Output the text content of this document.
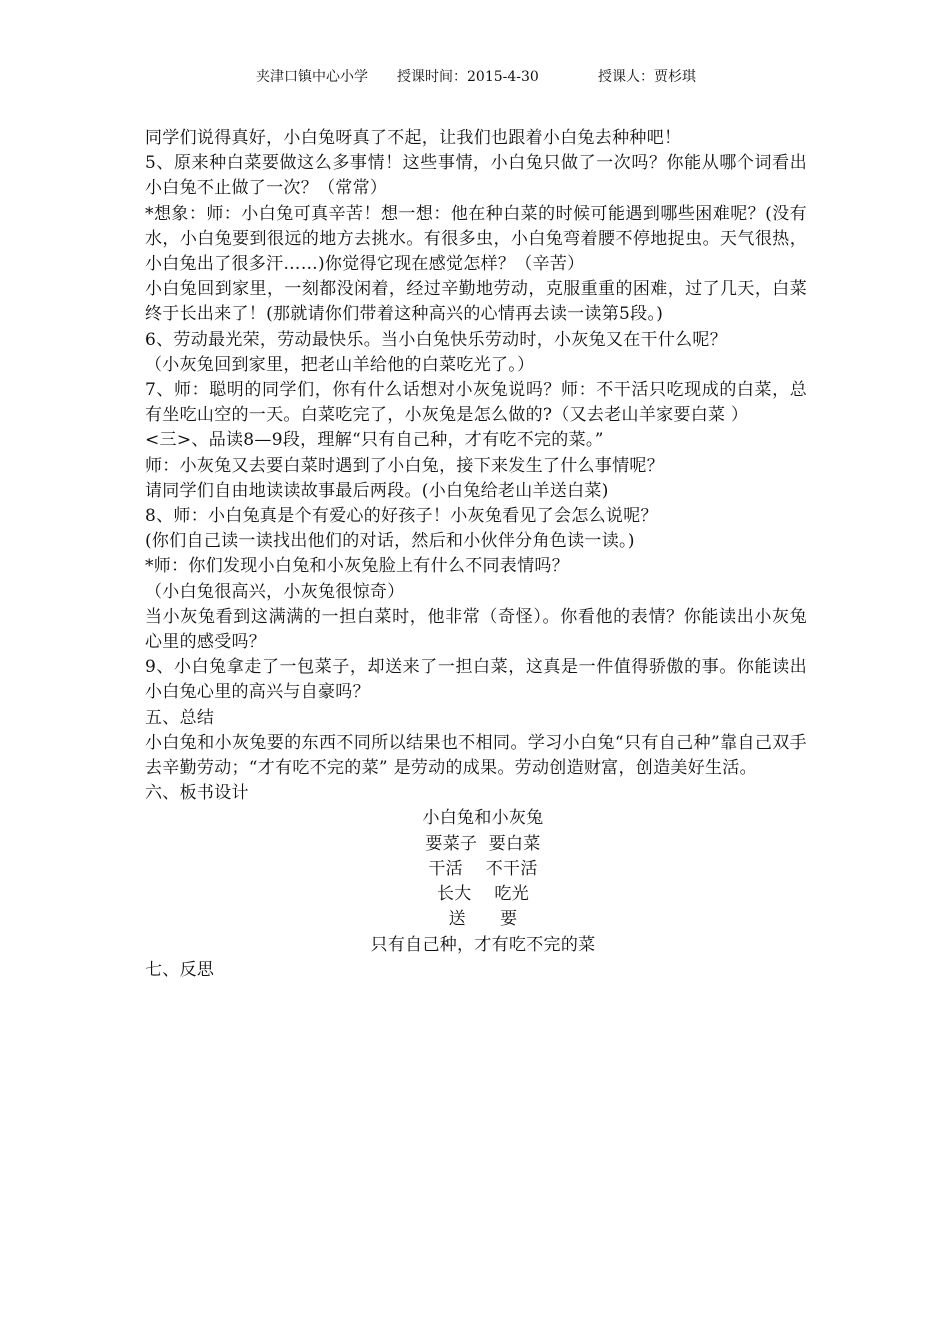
夹津口镇中心小学 授课时间：2015-4-30	授课人：贾杉琪

同学们说得真好，小白兔呀真了不起，让我们也跟着小白兔去种种吧！

5、原来种白菜要做这么多事情！这些事情，小白兔只做了一次吗？你能从哪个词看出小白兔不止做了一次？（常常）

*想象：师：小白兔可真辛苦！想一想：他在种白菜的时候可能遇到哪些困难呢？(没有水，小白兔要到很远的地方去挑水。有很多虫，小白兔弯着腰不停地捉虫。天气很热，小白兔出了很多汗……)你觉得它现在感觉怎样？（辛苦）

小白兔回到家里，一刻都没闲着，经过辛勤地劳动，克服重重的困难，过了几天，白菜终于长出来了！(那就请你们带着这种高兴的心情再去读一读第5段。)

6、劳动最光荣，劳动最快乐。当小白兔快乐劳动时，小灰兔又在干什么呢？

（小灰兔回到家里，把老山羊给他的白菜吃光了。）

7、师：聪明的同学们，你有什么话想对小灰兔说吗？师：不干活只吃现成的白菜，总有坐吃山空的一天。白菜吃完了，小灰兔是怎么做的?（又去老山羊家要白菜 ）

<三>、品读8—9段，理解“只有自己种，才有吃不完的菜。”

师：小灰兔又去要白菜时遇到了小白兔，接下来发生了什么事情呢？

请同学们自由地读读故事最后两段。(小白兔给老山羊送白菜)

8、师：小白兔真是个有爱心的好孩子！小灰兔看见了会怎么说呢？

(你们自己读一读找出他们的对话，然后和小伙伴分角色读一读。)

*师：你们发现小白兔和小灰兔脸上有什么不同表情吗？

（小白兔很高兴，小灰兔很惊奇）

当小灰兔看到这满满的一担白菜时，他非常（奇怪）。你看他的表情？你能读出小灰兔心里的感受吗？

9、小白兔拿走了一包菜子，却送来了一担白菜，这真是一件值得骄傲的事。你能读出小白兔心里的高兴与自豪吗？

五、总结

小白兔和小灰兔要的东西不同所以结果也不相同。学习小白兔“只有自己种”靠自己双手去辛勤劳动；“才有吃不完的菜” 是劳动的成果。劳动创造财富，创造美好生活。

六、板书设计

小白兔和小灰兔

要菜子  要白菜

干活    不干活

长大    吃光

送      要

只有自己种，才有吃不完的菜

七、反思
